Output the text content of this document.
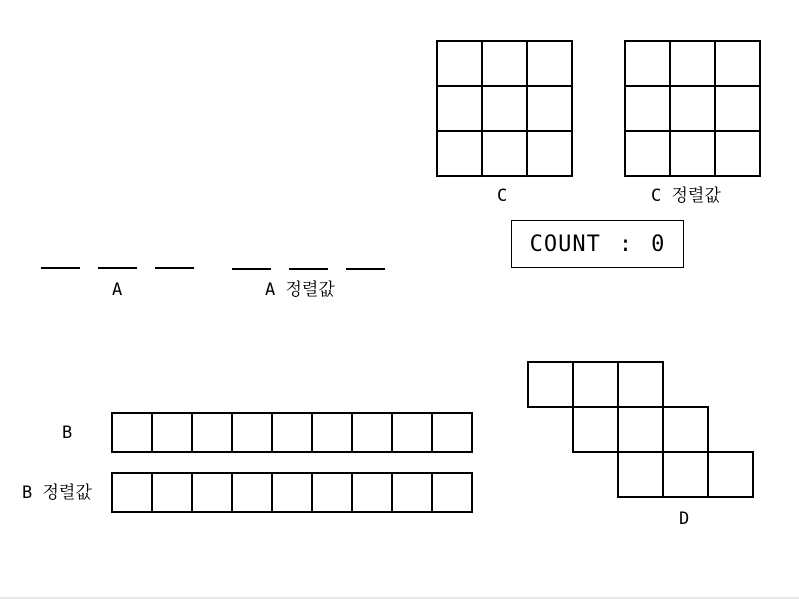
C	C 정렬값
COUNT : 0
A	A 정렬값
B
B 정렬값
D
